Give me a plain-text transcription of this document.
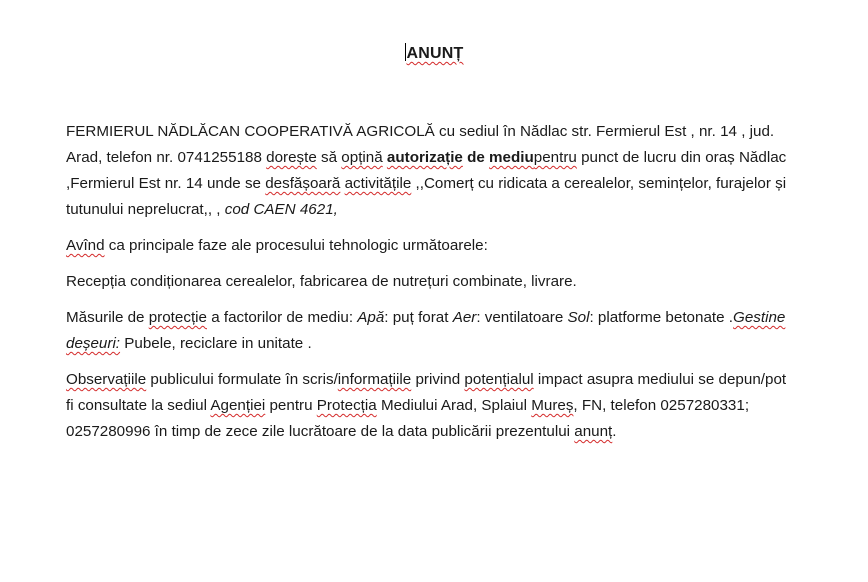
ANUNȚ

FERMIERUL NĂDLĂCAN COOPERATIVĂ AGRICOLĂ cu sediul în Nădlac str. Fermierul Est , nr. 14 , jud. Arad, telefon nr. 0741255188 dorește să opțină autorizație de mediupentru punct de lucru din oraș Nădlac ,Fermierul Est nr. 14 unde se desfășoară activitățile ,,Comerț cu ridicata a cerealelor, semințelor, furajelor și tutunului neprelucrat,, , cod CAEN 4621,

Avînd ca principale faze ale procesului tehnologic următoarele:

Recepția condiționarea cerealelor, fabricarea de nutrețuri combinate, livrare.

Măsurile de protecție a factorilor de mediu: Apă: puț forat Aer: ventilatoare Sol: platforme betonate .Gestine deșeuri: Pubele, reciclare in unitate .

Observațiile publicului formulate în scris/informațiile privind potențialul impact asupra mediului se depun/pot fi consultate la sediul Agenției pentru Protecția Mediului Arad, Splaiul Mureș, FN, telefon 0257280331; 0257280996 în timp de zece zile lucrătoare de la data publicării prezentului anunț.
